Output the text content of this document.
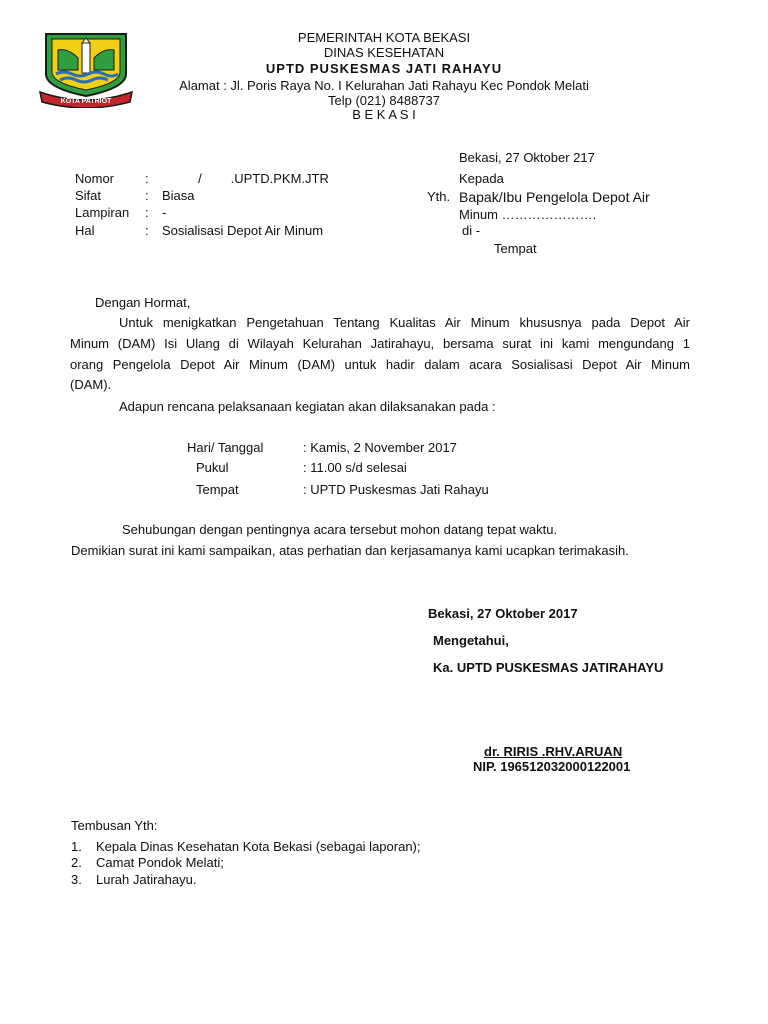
KOTA PATRIOT
PEMERINTAH KOTA BEKASI
DINAS KESEHATAN
UPTD PUSKESMAS JATI RAHAYU
Alamat : Jl. Poris Raya No. I Kelurahan Jati Rahayu Kec Pondok Melati
Telp (021) 8488737
B E K A S I
Bekasi, 27 Oktober 217
Nomor : /        .UPTD.PKM.JTR
Sifat	: Biasa
Lampiran : -
Hal	: Sosialisasi Depot Air Minum
Kepada
Yth. Bapak/Ibu Pengelola Depot Air
Minum ………………….
di -
Tempat
Dengan Hormat,
Untuk menigkatkan Pengetahuan Tentang Kualitas Air Minum khususnya pada Depot Air
Minum (DAM) Isi Ulang di Wilayah Kelurahan Jatirahayu, bersama surat ini kami mengundang 1
orang Pengelola Depot Air Minum (DAM) untuk hadir dalam acara Sosialisasi Depot Air Minum
(DAM).
Adapun rencana pelaksanaan kegiatan akan dilaksanakan pada :
Hari/ Tanggal	: Kamis, 2 November 2017
Pukul	: 11.00 s/d selesai
Tempat	: UPTD Puskesmas Jati Rahayu
Sehubungan dengan pentingnya acara tersebut mohon datang tepat waktu.
Demikian surat ini kami sampaikan, atas perhatian dan kerjasamanya kami ucapkan terimakasih.
Bekasi, 27 Oktober 2017
Mengetahui,
Ka. UPTD PUSKESMAS JATIRAHAYU
dr. RIRIS .RHV.ARUAN
NIP. 196512032000122001
Tembusan Yth:
1. Kepala Dinas Kesehatan Kota Bekasi (sebagai laporan);
2. Camat Pondok Melati;
3. Lurah Jatirahayu.
